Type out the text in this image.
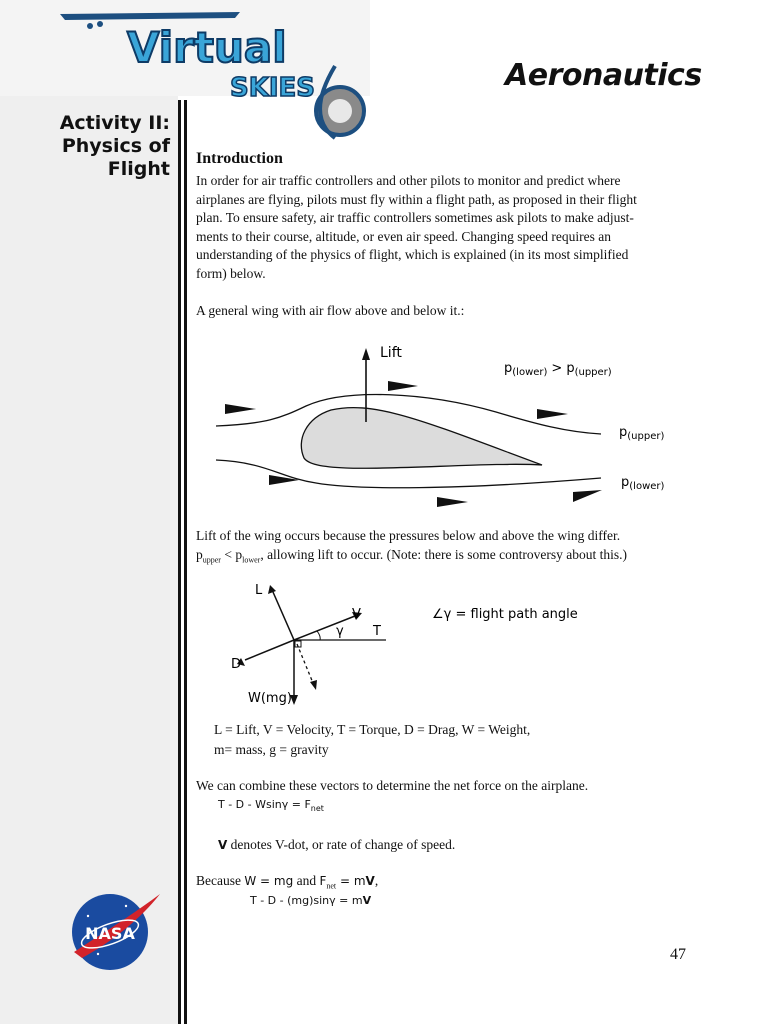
Virtual
SKIES	Aeronautics
Activity II:
Physics of
Flight Introduction
In order for air traffic controllers and other pilots to monitor and predict where
airplanes are flying, pilots must fly within a flight path, as proposed in their flight
plan. To ensure safety, air traffic controllers sometimes ask pilots to make adjust-
ments to their course, altitude, or even air speed. Changing speed requires an
understanding of the physics of flight, which is explained (in its most simplified
form) below.
A general wing with air flow above and below it.:
Lift
$p_{(lower)} > p_{(upper)}$
$p_{(upper)}$
$p_{(lower)}$
Lift of the wing occurs because the pressures below and above the wing differ.
$p_{upper} < p_{lower}$, allowing lift to occur. (Note: there is some controversy about this.)
L
V
γ T
D
W(mg)
∠γ = flight path angle
L = Lift, V = Velocity, T = Torque, D = Drag, W = Weight,
m= mass, g = gravity
We can combine these vectors to determine the net force on the airplane.
$T - D - Wsin\gamma = F_{net}$
V denotes V-dot, or rate of change of speed.
Because W = mg and $F_{net}$ = mV,
T - D - (mg)sinγ = mV
NASA
47
